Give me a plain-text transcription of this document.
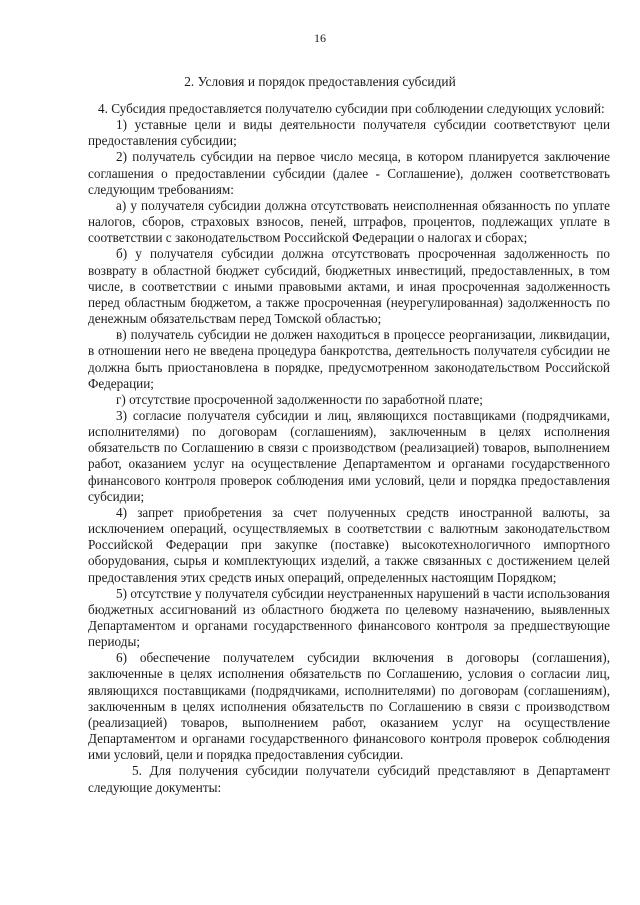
16
2. Условия и порядок предоставления субсидий

4. Субсидия предоставляется получателю субсидии при соблюдении следующих условий:

1) уставные цели и виды деятельности получателя субсидии соответствуют цели предоставления субсидии;

2) получатель субсидии на первое число месяца, в котором планируется заключение соглашения о предоставлении субсидии (далее - Соглашение), должен соответствовать следующим требованиям:

а) у получателя субсидии должна отсутствовать неисполненная обязанность по уплате налогов, сборов, страховых взносов, пеней, штрафов, процентов, подлежащих уплате в соответствии с законодательством Российской Федерации о налогах и сборах;

б) у получателя субсидии должна отсутствовать просроченная задолженность по возврату в областной бюджет субсидий, бюджетных инвестиций, предоставленных, в том числе, в соответствии с иными правовыми актами, и иная просроченная задолженность перед областным бюджетом, а также просроченная (неурегулированная) задолженность по денежным обязательствам перед Томской областью;

в) получатель субсидии не должен находиться в процессе реорганизации, ликвидации, в отношении него не введена процедура банкротства, деятельность получателя субсидии не должна быть приостановлена в порядке, предусмотренном законодательством Российской Федерации;

г) отсутствие просроченной задолженности по заработной плате;

3) согласие получателя субсидии и лиц, являющихся поставщиками (подрядчиками, исполнителями) по договорам (соглашениям), заключенным в целях исполнения обязательств по Соглашению в связи с производством (реализацией) товаров, выполнением работ, оказанием услуг на осуществление Департаментом и органами государственного финансового контроля проверок соблюдения ими условий, цели и порядка предоставления субсидии;

4) запрет приобретения за счет полученных средств иностранной валюты, за исключением операций, осуществляемых в соответствии с валютным законодательством Российской Федерации при закупке (поставке) высокотехнологичного импортного оборудования, сырья и комплектующих изделий, а также связанных с достижением целей предоставления этих средств иных операций, определенных настоящим Порядком;

5) отсутствие у получателя субсидии неустраненных нарушений в части использования бюджетных ассигнований из областного бюджета по целевому назначению, выявленных Департаментом и органами государственного финансового контроля за предшествующие периоды;

6) обеспечение получателем субсидии включения в договоры (соглашения), заключенные в целях исполнения обязательств по Соглашению, условия о согласии лиц, являющихся поставщиками (подрядчиками, исполнителями) по договорам (соглашениям), заключенным в целях исполнения обязательств по Соглашению в связи с производством (реализацией) товаров, выполнением работ, оказанием услуг на осуществление Департаментом и органами государственного финансового контроля проверок соблюдения ими условий, цели и порядка предоставления субсидии.

5. Для получения субсидии получатели субсидий представляют в Департамент следующие документы:
